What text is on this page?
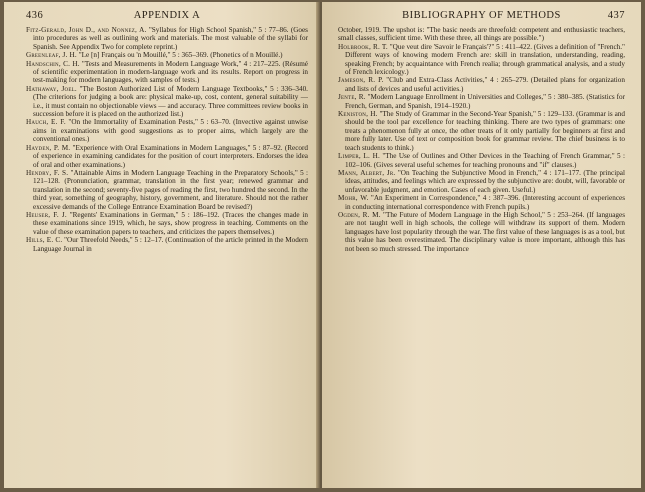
436	APPENDIX A

Fitz-Gerald, John D., and Nonnez, A. "Syllabus for High School Spanish," 5 : 77–86. (Goes into procedures as well as outlining work and materials. The most valuable of the syllabi for Spanish. See Appendix Two for complete reprint.)

Greenleaf, J. H. "Le [n] Français ou 'n Mouillé," 5 : 365–369. (Phonetics of n Mouillé.)

Handschin, C. H. "Tests and Measurements in Modern Language Work," 4 : 217–225. (Résumé of scientific experimentation in modern-language work and its results. Report on progress in test-making for modern languages, with samples of tests.)

Hathaway, Joel. "The Boston Authorized List of Modern Language Textbooks," 5 : 336–340. (The criterions for judging a book are: physical make-up, cost, content, general suitability — i.e., it must contain no objectionable views — and accuracy. Three committees review books in succession before it is placed on the authorized list.)

Hauch, E. F. "On the Immortality of Examination Pests," 5 : 63–70. (Invective against unwise aims in examinations with good suggestions as to proper aims, which largely are the conventional ones.)

Hayden, P. M. "Experience with Oral Examinations in Modern Languages," 5 : 87–92. (Record of experience in examining candidates for the position of court interpreters. Endorses the idea of oral and other examinations.)

Hendry, F. S. "Attainable Aims in Modern Language Teaching in the Preparatory Schools," 5 : 121–128. (Pronunciation, grammar, translation in the first year; renewed grammar and translation in the second; seventy-five pages of reading the first, two hundred the second. In the third year, something of geography, history, government, and literature. Should not the rather excessive demands of the College Entrance Examination Board be revised?)

Heuser, F. J. "Regents' Examinations in German," 5 : 186–192. (Traces the changes made in these examinations since 1919, which, he says, show progress in teaching. Comments on the value of these examination papers to teachers, and criticizes the papers themselves.)

Hills, E. C. "Our Threefold Needs," 5 : 12–17. (Continuation of the article printed in the Modern Language Journal in

BIBLIOGRAPHY OF METHODS	437

October, 1919. The upshot is: "The basic needs are threefold: competent and enthusiastic teachers, small classes, sufficient time. With these three, all things are possible.")

Holbrook, R. T. "Que veut dire 'Savoir le Français'?" 5 : 411–422. (Gives a definition of "French." Different ways of knowing modern French are: skill in translation, understanding, reading, speaking French; by acquaintance with French realia; through grammatical analysis, and a study of French lexicology.)

Jameson, R. P. "Club and Extra-Class Activities," 4 : 265–279. (Detailed plans for organization and lists of devices and useful activities.)

Jente, R. "Modern Language Enrollment in Universities and Colleges," 5 : 380–385. (Statistics for French, German, and Spanish, 1914–1920.)

Keniston, H. "The Study of Grammar in the Second-Year Spanish," 5 : 129–133. (Grammar is and should be the tool par excellence for teaching thinking. There are two types of grammars: one treats a phenomenon fully at once, the other treats of it only partially for beginners at first and more fully later. Use of text or composition book for grammar review. The chief business is to teach students to think.)

Limper, L. H. "The Use of Outlines and Other Devices in the Teaching of French Grammar," 5 : 102–106. (Gives several useful schemes for teaching pronouns and "if" clauses.)

Mann, Albert, Jr. "On Teaching the Subjunctive Mood in French," 4 : 171–177. (The principal ideas, attitudes, and feelings which are expressed by the subjunctive are: doubt, will, favorable or unfavorable judgment, and emotion. Cases of each given. Useful.)

Mohr, W. "An Experiment in Correspondence," 4 : 387–396. (Interesting account of experiences in conducting international correspondence with French pupils.)

Ogden, R. M. "The Future of Modern Language in the High School," 5 : 253–264. (If languages are not taught well in high schools, the college will withdraw its support of them. Modern languages have lost popularity through the war. The first value of these languages is as a tool, but this value has been overestimated. The disciplinary value is more important, although this has not been so much stressed. The importance
